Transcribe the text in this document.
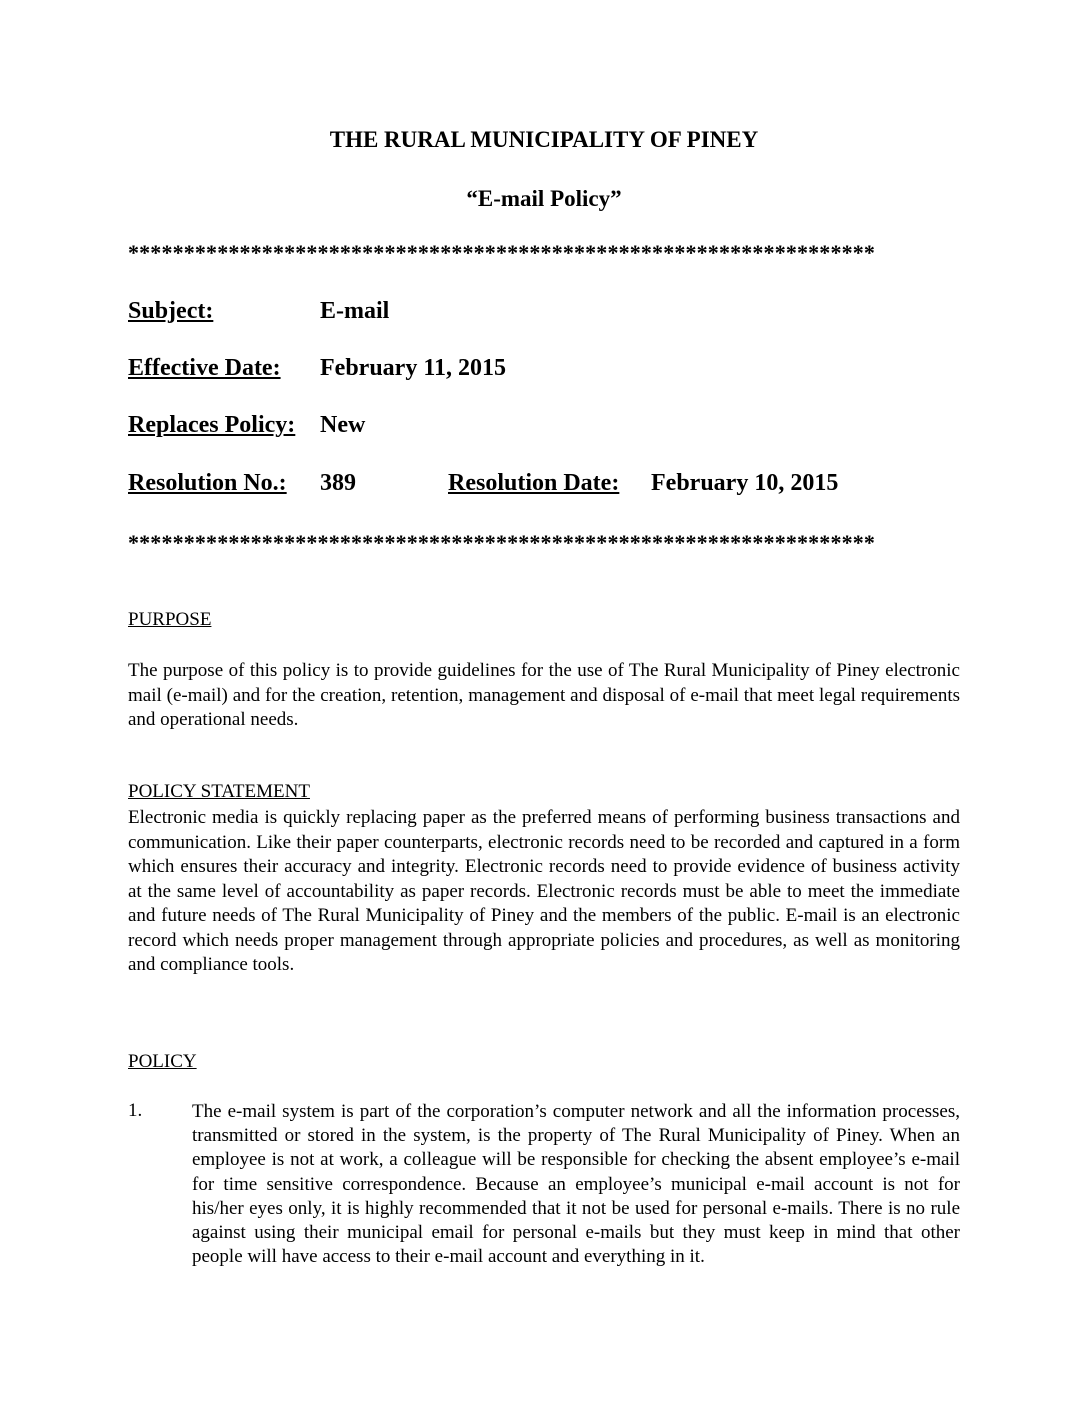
THE RURAL MUNICIPALITY OF PINEY
“E-mail Policy”
*******************************************************************
Subject:	E-mail
Effective Date: February 11, 2015
Replaces Policy: New
Resolution No.: 389	Resolution Date: February 10, 2015
*******************************************************************
PURPOSE

The purpose of this policy is to provide guidelines for the use of The Rural Municipality of Piney electronic mail (e-mail) and for the creation, retention, management and disposal of e-mail that meet legal requirements and operational needs.

POLICY STATEMENT

Electronic media is quickly replacing paper as the preferred means of performing business transactions and communication. Like their paper counterparts, electronic records need to be recorded and captured in a form which ensures their accuracy and integrity. Electronic records need to provide evidence of business activity at the same level of accountability as paper records. Electronic records must be able to meet the immediate and future needs of The Rural Municipality of Piney and the members of the public. E-mail is an electronic record which needs proper management through appropriate policies and procedures, as well as monitoring and compliance tools.

POLICY
1.	The e-mail system is part of the corporation’s computer network and all the information processes, transmitted or stored in the system, is the property of The Rural Municipality of Piney. When an employee is not at work, a colleague will be responsible for checking the absent employee’s e-mail for time sensitive correspondence. Because an employee’s municipal e-mail account is not for his/her eyes only, it is highly recommended that it not be used for personal e-mails. There is no rule against using their municipal email for personal e-mails but they must keep in mind that other people will have access to their e-mail account and everything in it.
